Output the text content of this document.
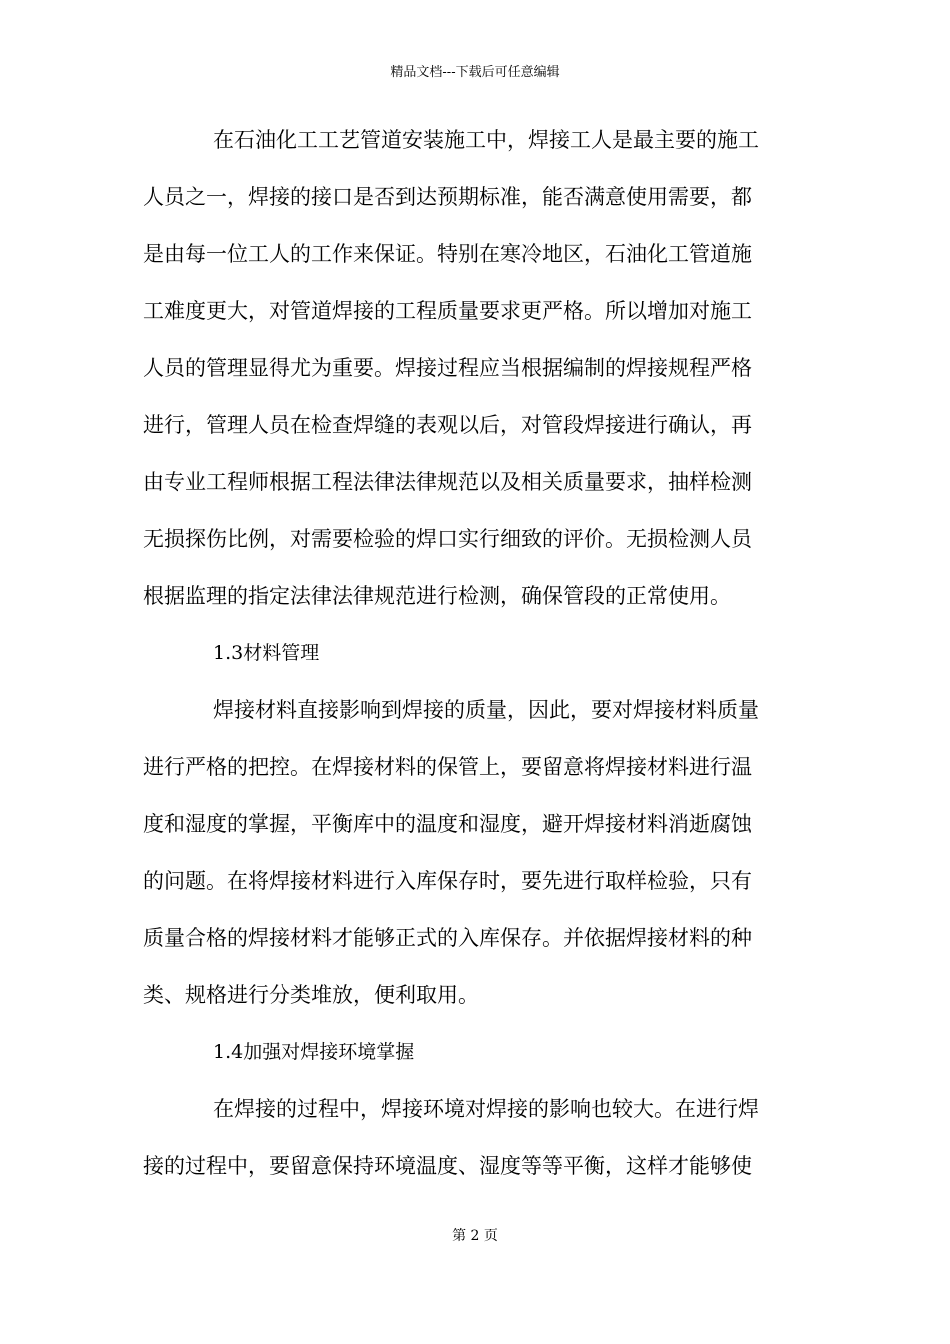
精品文档---下载后可任意编辑
在石油化工工艺管道安装施工中，焊接工人是最主要的施工
人员之一，焊接的接口是否到达预期标准，能否满意使用需要，都
是由每一位工人的工作来保证。特别在寒冷地区，石油化工管道施
工难度更大，对管道焊接的工程质量要求更严格。所以增加对施工
人员的管理显得尤为重要。焊接过程应当根据编制的焊接规程严格
进行，管理人员在检查焊缝的表观以后，对管段焊接进行确认，再
由专业工程师根据工程法律法律规范以及相关质量要求，抽样检测
无损探伤比例，对需要检验的焊口实行细致的评价。无损检测人员
根据监理的指定法律法律规范进行检测，确保管段的正常使用。
1.3材料管理
焊接材料直接影响到焊接的质量，因此，要对焊接材料质量
进行严格的把控。在焊接材料的保管上，要留意将焊接材料进行温
度和湿度的掌握，平衡库中的温度和湿度，避开焊接材料消逝腐蚀
的问题。在将焊接材料进行入库保存时，要先进行取样检验，只有
质量合格的焊接材料才能够正式的入库保存。并依据焊接材料的种
类、规格进行分类堆放，便利取用。
1.4加强对焊接环境掌握
在焊接的过程中，焊接环境对焊接的影响也较大。在进行焊
接的过程中，要留意保持环境温度、湿度等等平衡，这样才能够使
第 2 页
